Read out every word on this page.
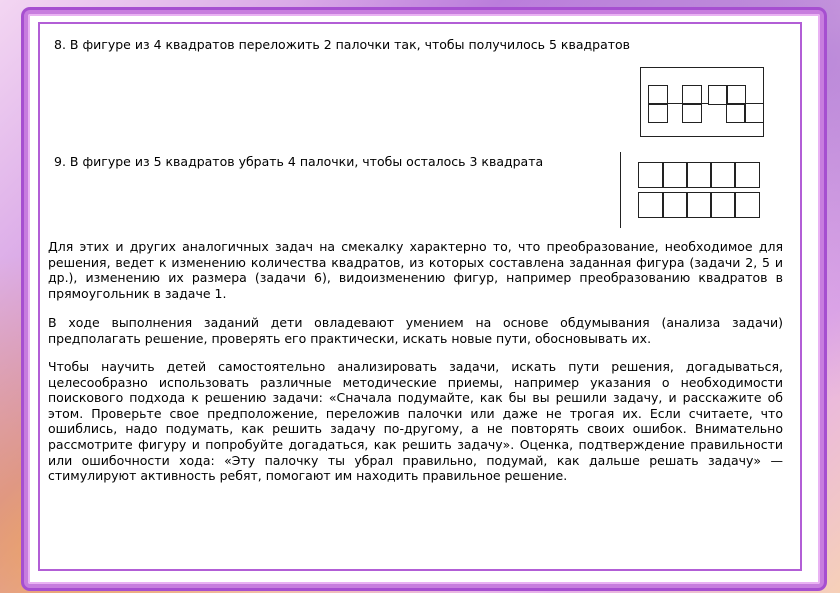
8. В фигуре из 4 квадратов переложить 2 палочки так, чтобы получилось 5 квадратов
9. В фигуре из 5 квадратов убрать 4 палочки, чтобы осталось 3 квадрата
Для этих и других аналогичных задач на смекалку характерно то, что преобразование, необходимое для решения, ведет к изменению количества квадратов, из которых составлена заданная фигура (задачи 2, 5 и др.), изменению их размера (задачи 6), видоизменению фигур, например преобразованию квадратов в прямоугольник в задаче 1.
В ходе выполнения заданий дети овладевают умением на основе обдумывания (анализа задачи) предполагать решение, проверять его практически, искать новые пути, обосновывать их.
Чтобы научить детей самостоятельно анализировать задачи, искать пути решения, догадываться, целесообразно использовать различные методические приемы, например указания о необходимости поискового подхода к решению задачи: «Сначала подумайте, как бы вы решили задачу, и расскажите об этом. Проверьте свое предположение, переложив палочки или даже не трогая их. Если считаете, что ошиблись, надо подумать, как решить задачу по-другому, а не повторять своих ошибок. Внимательно рассмотрите фигуру и попробуйте догадаться, как решить задачу». Оценка, подтверждение правильности или ошибочности хода: «Эту палочку ты убрал правильно, подумай, как дальше решать задачу» — стимулируют активность ребят, помогают им находить правильное решение.
